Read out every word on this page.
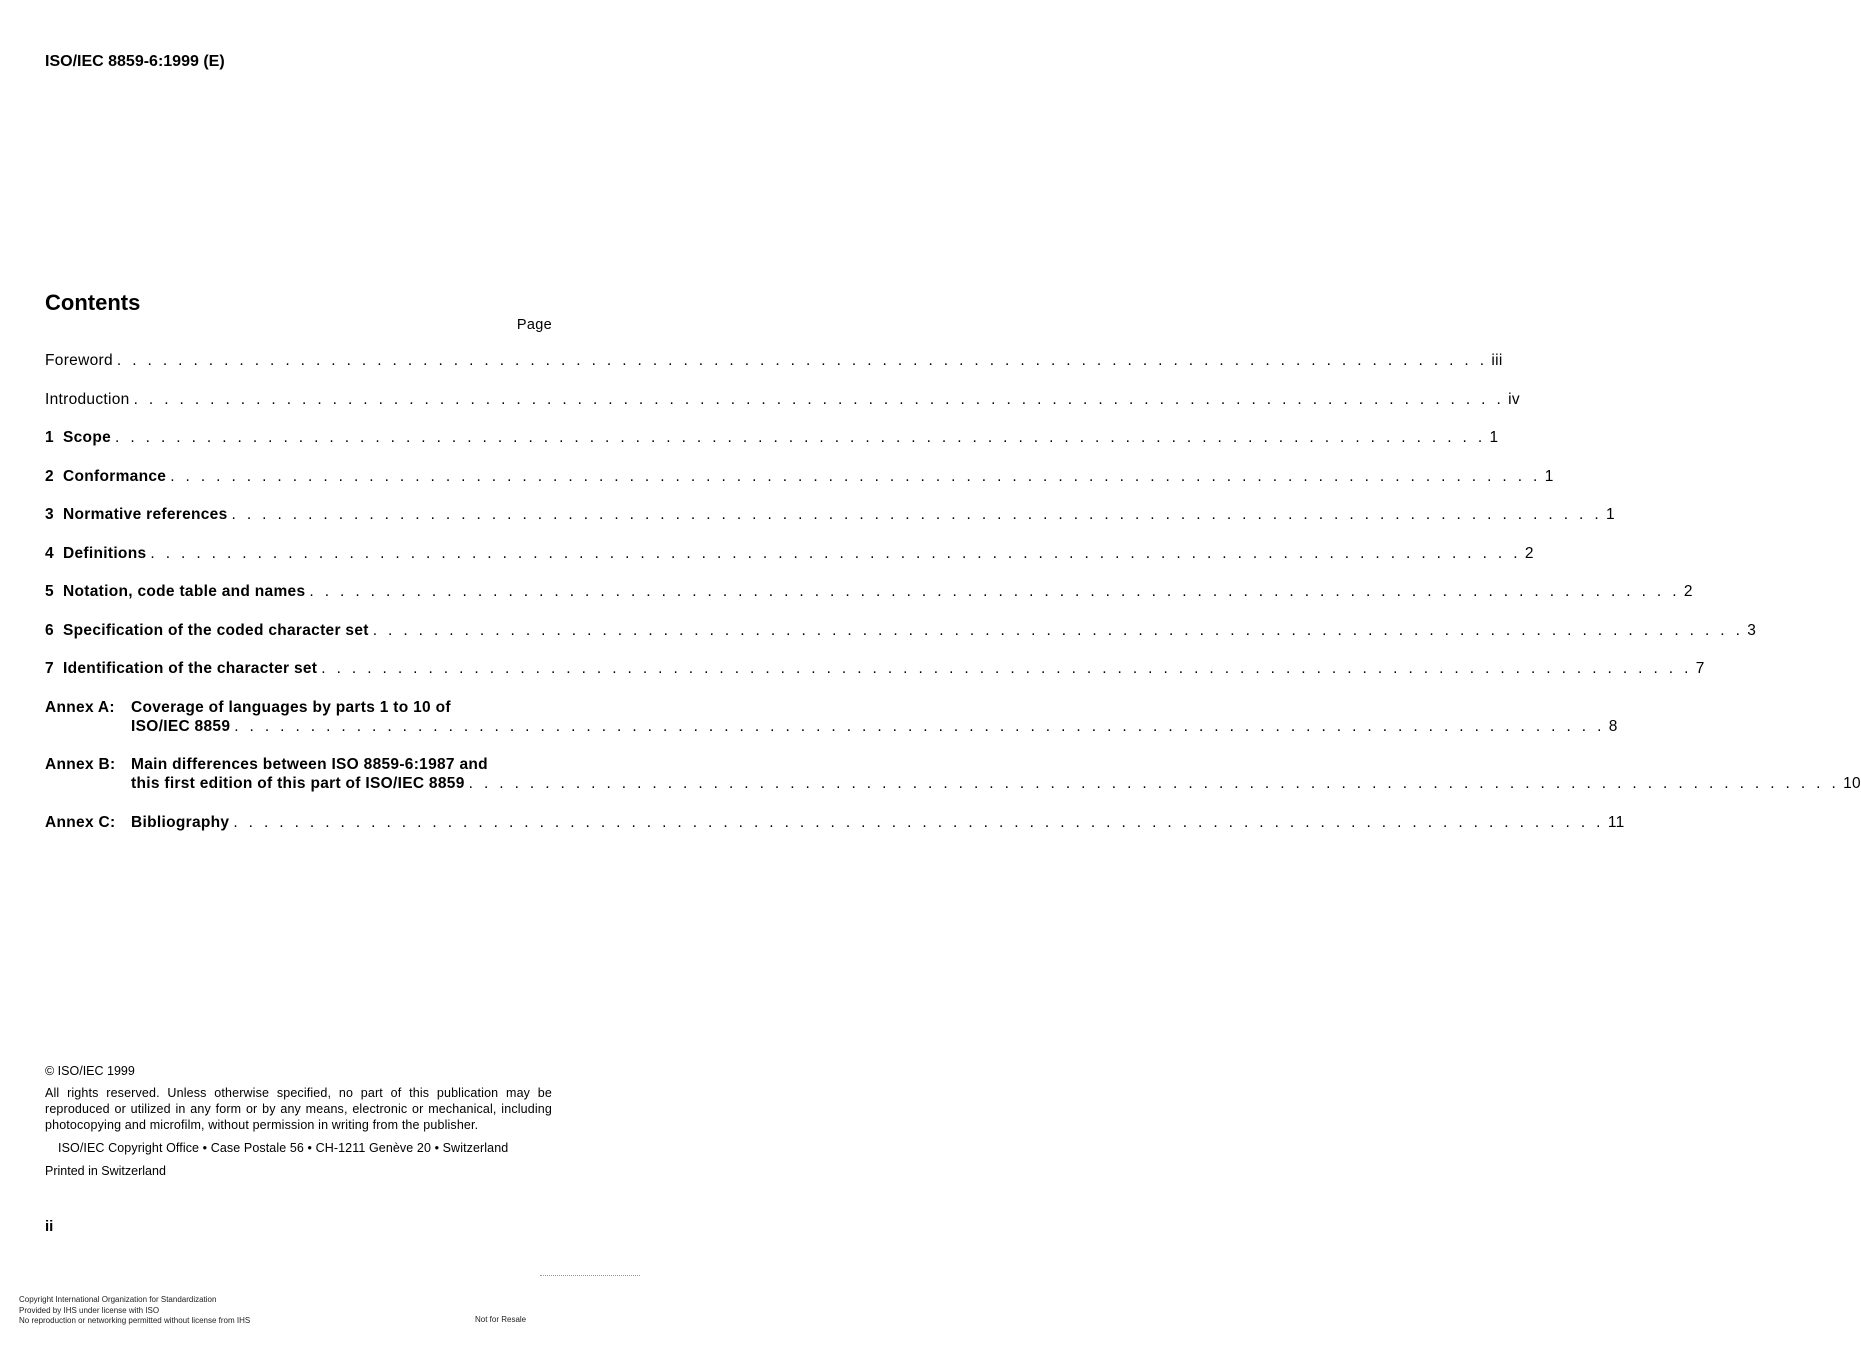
ISO/IEC 8859-6:1999 (E)
Contents
Page
Foreword . . . . . . . . . . . . . . . . . . . . . . . . . . . . . . . . . . . . . . . . . . . . . . . . . . . . . . . . . . . . . . . . . . . . . . . . . . . . . . . . . . . . . . . . . . iii
Introduction . . . . . . . . . . . . . . . . . . . . . . . . . . . . . . . . . . . . . . . . . . . . . . . . . . . . . . . . . . . . . . . . . . . . . . . . . . . . . . . . . . . . . . . . . . iv
1 Scope . . . . . . . . . . . . . . . . . . . . . . . . . . . . . . . . . . . . . . . . . . . . . . . . . . . . . . . . . . . . . . . . . . . . . . . . . . . . . . . . . . . . . . . . . . 1
2 Conformance . . . . . . . . . . . . . . . . . . . . . . . . . . . . . . . . . . . . . . . . . . . . . . . . . . . . . . . . . . . . . . . . . . . . . . . . . . . . . . . . . . . . . . . . . . 1
3 Normative references . . . . . . . . . . . . . . . . . . . . . . . . . . . . . . . . . . . . . . . . . . . . . . . . . . . . . . . . . . . . . . . . . . . . . . . . . . . . . . . . . . . . . . . . . . 1
4 Definitions . . . . . . . . . . . . . . . . . . . . . . . . . . . . . . . . . . . . . . . . . . . . . . . . . . . . . . . . . . . . . . . . . . . . . . . . . . . . . . . . . . . . . . . . . . 2
5 Notation, code table and names . . . . . . . . . . . . . . . . . . . . . . . . . . . . . . . . . . . . . . . . . . . . . . . . . . . . . . . . . . . . . . . . . . . . . . . . . . . . . . . . . . . . . . . . . . 2
6 Specification of the coded character set . . . . . . . . . . . . . . . . . . . . . . . . . . . . . . . . . . . . . . . . . . . . . . . . . . . . . . . . . . . . . . . . . . . . . . . . . . . . . . . . . . . . . . . . . . 3
7 Identification of the character set . . . . . . . . . . . . . . . . . . . . . . . . . . . . . . . . . . . . . . . . . . . . . . . . . . . . . . . . . . . . . . . . . . . . . . . . . . . . . . . . . . . . . . . . . . 7
Annex A:	Coverage of languages by parts 1 to 10 of
ISO/IEC 8859 . . . . . . . . . . . . . . . . . . . . . . . . . . . . . . . . . . . . . . . . . . . . . . . . . . . . . . . . . . . . . . . . . . . . . . . . . . . . . . . . . . . . . . . . . . 8
Annex B:	Main differences between ISO 8859-6:1987 and
this first edition of this part of ISO/IEC 8859 . . . . . . . . . . . . . . . . . . . . . . . . . . . . . . . . . . . . . . . . . . . . . . . . . . . . . . . . . . . . . . . . . . . . . . . . . . . . . . . . . . . . . . . . . . 10
Annex C:	Bibliography . . . . . . . . . . . . . . . . . . . . . . . . . . . . . . . . . . . . . . . . . . . . . . . . . . . . . . . . . . . . . . . . . . . . . . . . . . . . . . . . . . . . . . . . . . 11
© ISO/IEC 1999
All rights reserved. Unless otherwise specified, no part of this publication may be reproduced or utilized in any form or by any means, electronic or mechanical, including photocopying and microfilm, without permission in writing from the publisher.
ISO/IEC Copyright Office • Case Postale 56 • CH-1211 Genève 20 • Switzerland
Printed in Switzerland
ii
Copyright International Organization for Standardization
Provided by IHS under license with ISO
No reproduction or networking permitted without license from IHS	Not for Resale
